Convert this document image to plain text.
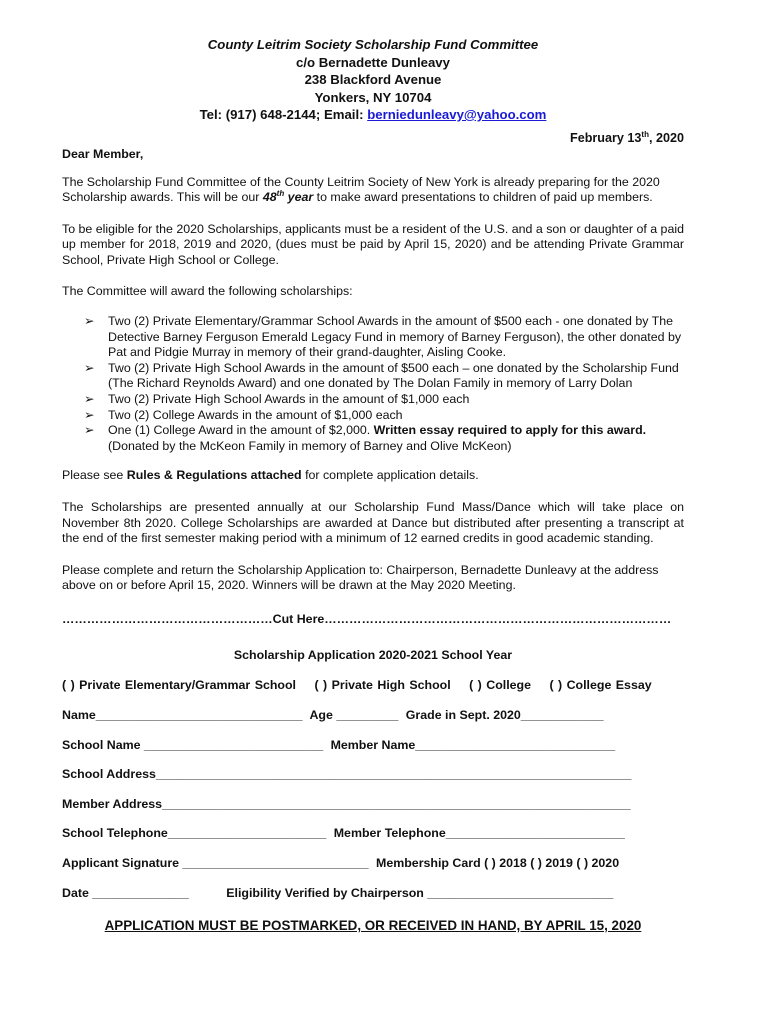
County Leitrim Society Scholarship Fund Committee
c/o Bernadette Dunleavy
238 Blackford Avenue
Yonkers, NY 10704
Tel: (917) 648-2144; Email: berniedunleavy@yahoo.com
February 13th, 2020
Dear Member,

The Scholarship Fund Committee of the County Leitrim Society of New York is already preparing for the 2020 Scholarship awards. This will be our 48th year to make award presentations to children of paid up members.

To be eligible for the 2020 Scholarships, applicants must be a resident of the U.S. and a son or daughter of a paid up member for 2018, 2019 and 2020, (dues must be paid by April 15, 2020) and be attending Private Grammar School, Private High School or College.

The Committee will award the following scholarships:

➢ Two (2) Private Elementary/Grammar School Awards in the amount of $500 each - one donated by The Detective Barney Ferguson Emerald Legacy Fund in memory of Barney Ferguson), the other donated by Pat and Pidgie Murray in memory of their grand-daughter, Aisling Cooke.
➢ Two (2) Private High School Awards in the amount of $500 each – one donated by the Scholarship Fund (The Richard Reynolds Award) and one donated by The Dolan Family in memory of Larry Dolan
➢ Two (2) Private High School Awards in the amount of $1,000 each
➢ Two (2) College Awards in the amount of $1,000 each
➢ One (1) College Award in the amount of $2,000. Written essay required to apply for this award.
(Donated by the McKeon Family in memory of Barney and Olive McKeon)

Please see Rules & Regulations attached for complete application details.

The Scholarships are presented annually at our Scholarship Fund Mass/Dance which will take place on November 8th 2020. College Scholarships are awarded at Dance but distributed after presenting a transcript at the end of the first semester making period with a minimum of 12 earned credits in good academic standing.

Please complete and return the Scholarship Application to: Chairperson, Bernadette Dunleavy at the address above on or before April 15, 2020. Winners will be drawn at the May 2020 Meeting.

……………………………………………Cut Here…………………………………………………………………………
Scholarship Application 2020-2021 School Year
( ) Private Elementary/Grammar School ( ) Private High School ( ) College ( ) College Essay
Name______________________________ Age _________ Grade in Sept. 2020____________
School Name __________________________ Member Name_____________________________
School Address_____________________________________________________________________
Member Address____________________________________________________________________
School Telephone_______________________ Member Telephone__________________________
Applicant Signature ___________________________ Membership Card ( ) 2018 ( ) 2019 ( ) 2020
Date ______________	Eligibility Verified by Chairperson ___________________________
APPLICATION MUST BE POSTMARKED, OR RECEIVED IN HAND, BY APRIL 15, 2020
